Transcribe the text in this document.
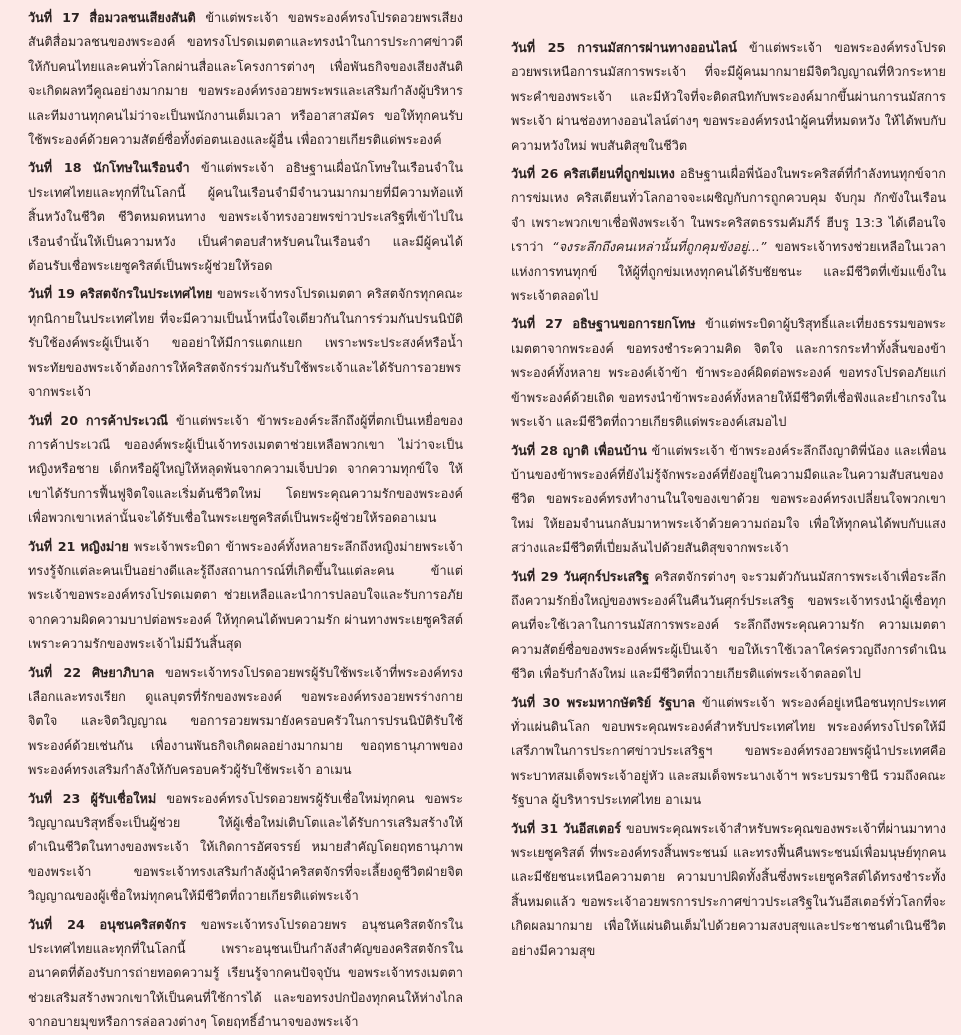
วันที่ 17 สื่อมวลชนเสียงสันติ ข้าแต่พระเจ้า ขอพระองค์ทรงโปรดอวยพรเสียงสันติสื่อมวลชนของพระองค์ ขอทรงโปรดเมตตาและทรงนำในการประกาศข่าวดีให้กับคนไทยและคนทั่วโลกผ่านสื่อและโครงการต่างๆ เพื่อพันธกิจของเสียงสันติจะเกิดผลทวีคูณอย่างมากมาย ขอพระองค์ทรงอวยพระพรและเสริมกำลังผู้บริหารและทีมงานทุกคนไม่ว่าจะเป็นพนักงานเต็มเวลา หรืออาสาสมัคร ขอให้ทุกคนรับใช้พระองค์ด้วยความสัตย์ซื่อทั้งต่อตนเองและผู้อื่น เพื่อถวายเกียรติแด่พระองค์

วันที่ 18 นักโทษในเรือนจำ ข้าแต่พระเจ้า อธิษฐานเผื่อนักโทษในเรือนจำในประเทศไทยและทุกที่ในโลกนี้ ผู้คนในเรือนจำมีจำนวนมากมายที่มีความท้อแท้ สิ้นหวังในชีวิต ชีวิตหมดหนทาง ขอพระเจ้าทรงอวยพรข่าวประเสริฐที่เข้าไปในเรือนจำนั้นให้เป็นความหวัง เป็นคำตอบสำหรับคนในเรือนจำ และมีผู้คนได้ต้อนรับเชื่อพระเยซูคริสต์เป็นพระผู้ช่วยให้รอด

วันที่ 19 คริสตจักรในประเทศไทย ขอพระเจ้าทรงโปรดเมตตา คริสตจักรทุกคณะทุกนิกายในประเทศไทย ที่จะมีความเป็นน้ำหนึ่งใจเดียวกันในการร่วมกันปรนนิบัติรับใช้องค์พระผู้เป็นเจ้า ขออย่าให้มีการแตกแยก เพราะพระประสงค์หรือน้ำพระทัยของพระเจ้าต้องการให้คริสตจักรร่วมกันรับใช้พระเจ้าและได้รับการอวยพรจากพระเจ้า

วันที่ 20 การค้าประเวณี ข้าแต่พระเจ้า ข้าพระองค์ระลึกถึงผู้ที่ตกเป็นเหยื่อของการค้าประเวณี ขอองค์พระผู้เป็นเจ้าทรงเมตตาช่วยเหลือพวกเขา ไม่ว่าจะเป็นหญิงหรือชาย เด็กหรือผู้ใหญ่ให้หลุดพ้นจากความเจ็บปวด จากความทุกข์ใจ ให้เขาได้รับการฟื้นฟูจิตใจและเริ่มต้นชีวิตใหม่ โดยพระคุณความรักของพระองค์ เพื่อพวกเขาเหล่านั้นจะได้รับเชื่อในพระเยซูคริสต์เป็นพระผู้ช่วยให้รอดอาเมน

วันที่ 21 หญิงม่าย พระเจ้าพระบิดา ข้าพระองค์ทั้งหลายระลึกถึงหญิงม่ายพระเจ้าทรงรู้จักแต่ละคนเป็นอย่างดีและรู้ถึงสถานการณ์ที่เกิดขึ้นในแต่ละคน ข้าแต่พระเจ้าขอพระองค์ทรงโปรดเมตตา ช่วยเหลือและนำการปลอบใจและรับการอภัยจากความผิดความบาปต่อพระองค์ ให้ทุกคนได้พบความรัก ผ่านทางพระเยซูคริสต์ เพราะความรักของพระเจ้าไม่มีวันสิ้นสุด

วันที่ 22 ศิษยาภิบาล ขอพระเจ้าทรงโปรดอวยพรผู้รับใช้พระเจ้าที่พระองค์ทรงเลือกและทรงเรียก ดูแลบุตรที่รักของพระองค์ ขอพระองค์ทรงอวยพรร่างกาย จิตใจ และจิตวิญญาณ ขอการอวยพรมายังครอบครัวในการปรนนิบัติรับใช้พระองค์ด้วยเช่นกัน เพื่องานพันธกิจเกิดผลอย่างมากมาย ขอฤทธานุภาพของพระองค์ทรงเสริมกำลังให้กับครอบครัวผู้รับใช้พระเจ้า อาเมน

วันที่ 23 ผู้รับเชื่อใหม่ ขอพระองค์ทรงโปรดอวยพรผู้รับเชื่อใหม่ทุกคน ขอพระวิญญาณบริสุทธิ์จะเป็นผู้ช่วย ให้ผู้เชื่อใหม่เติบโตและได้รับการเสริมสร้างให้ดำเนินชีวิตในทางของพระเจ้า ให้เกิดการอัศจรรย์ หมายสำคัญโดยฤทธานุภาพของพระเจ้า ขอพระเจ้าทรงเสริมกำลังผู้นำคริสตจักรที่จะเลี้ยงดูชีวิตฝ่ายจิตวิญญาณของผู้เชื่อใหม่ทุกคนให้มีชีวิตที่ถวายเกียรติแด่พระเจ้า

วันที่ 24 อนุชนคริสตจักร ขอพระเจ้าทรงโปรดอวยพร อนุชนคริสตจักรในประเทศไทยและทุกที่ในโลกนี้ เพราะอนุชนเป็นกำลังสำคัญของคริสตจักรในอนาคตที่ต้องรับการถ่ายทอดความรู้ เรียนรู้จากคนปัจจุบัน ขอพระเจ้าทรงเมตตาช่วยเสริมสร้างพวกเขาให้เป็นคนที่ใช้การได้ และขอทรงปกป้องทุกคนให้ห่างไกลจากอบายมุขหรือการล่อลวงต่างๆ โดยฤทธิ์อำนาจของพระเจ้า

วันที่ 25 การนมัสการผ่านทางออนไลน์ ข้าแต่พระเจ้า ขอพระองค์ทรงโปรดอวยพรเหนือการนมัสการพระเจ้า ที่จะมีผู้คนมากมายมีจิตวิญญาณที่หิวกระหายพระคำของพระเจ้า และมีหัวใจที่จะติดสนิทกับพระองค์มากขึ้นผ่านการนมัสการพระเจ้า ผ่านช่องทางออนไลน์ต่างๆ ขอพระองค์ทรงนำผู้คนที่หมดหวัง ให้ได้พบกับความหวังใหม่ พบสันติสุขในชีวิต

วันที่ 26 คริสเตียนที่ถูกข่มเหง อธิษฐานเผื่อพี่น้องในพระคริสต์ที่กำลังทนทุกข์จากการข่มเหง คริสเตียนทั่วโลกอาจจะเผชิญกับการถูกควบคุม จับกุม กักขังในเรือนจำ เพราะพวกเขาเชื่อฟังพระเจ้า ในพระคริสตธรรมคัมภีร์ ฮีบรู 13:3 ได้เตือนใจเราว่า “จงระลึกถึงคนเหล่านั้นที่ถูกคุมขังอยู่...” ขอพระเจ้าทรงช่วยเหลือในเวลาแห่งการทนทุกข์ ให้ผู้ที่ถูกข่มเหงทุกคนได้รับชัยชนะ และมีชีวิตที่เข้มแข็งในพระเจ้าตลอดไป

วันที่ 27 อธิษฐานขอการยกโทษ ข้าแต่พระบิดาผู้บริสุทธิ์และเที่ยงธรรมขอพระเมตตาจากพระองค์ ขอทรงชำระความคิด จิตใจ และการกระทำทั้งสิ้นของข้าพระองค์ทั้งหลาย พระองค์เจ้าข้า ข้าพระองค์ผิดต่อพระองค์ ขอทรงโปรดอภัยแก่ข้าพระองค์ด้วยเถิด ขอทรงนำข้าพระองค์ทั้งหลายให้มีชีวิตที่เชื่อฟังและยำเกรงในพระเจ้า และมีชีวิตที่ถวายเกียรติแด่พระองค์เสมอไป

วันที่ 28 ญาติ เพื่อนบ้าน ข้าแต่พระเจ้า ข้าพระองค์ระลึกถึงญาติพี่น้อง และเพื่อนบ้านของข้าพระองค์ที่ยังไม่รู้จักพระองค์ที่ยังอยู่ในความมืดและในความสับสนของชีวิต ขอพระองค์ทรงทำงานในใจของเขาด้วย ขอพระองค์ทรงเปลี่ยนใจพวกเขาใหม่ ให้ยอมจำนนกลับมาหาพระเจ้าด้วยความถ่อมใจ เพื่อให้ทุกคนได้พบกับแสงสว่างและมีชีวิตที่เปี่ยมล้นไปด้วยสันติสุขจากพระเจ้า

วันที่ 29 วันศุกร์ประเสริฐ คริสตจักรต่างๆ จะรวมตัวกันนมัสการพระเจ้าเพื่อระลึกถึงความรักยิ่งใหญ่ของพระองค์ในคืนวันศุกร์ประเสริฐ ขอพระเจ้าทรงนำผู้เชื่อทุกคนที่จะใช้เวลาในการนมัสการพระองค์ ระลึกถึงพระคุณความรัก ความเมตตา ความสัตย์ซื่อของพระองค์พระผู้เป็นเจ้า ขอให้เราใช้เวลาใคร่ครวญถึงการดำเนินชีวิต เพื่อรับกำลังใหม่ และมีชีวิตที่ถวายเกียรติแด่พระเจ้าตลอดไป

วันที่ 30 พระมหากษัตริย์ รัฐบาล ข้าแต่พระเจ้า พระองค์อยู่เหนือชนทุกประเทศทั่วแผ่นดินโลก ขอบพระคุณพระองค์สำหรับประเทศไทย พระองค์ทรงโปรดให้มีเสรีภาพในการประกาศข่าวประเสริฐฯ ขอพระองค์ทรงอวยพรผู้นำประเทศคือ พระบาทสมเด็จพระเจ้าอยู่หัว และสมเด็จพระนางเจ้าฯ พระบรมราชินี รวมถึงคณะรัฐบาล ผู้บริหารประเทศไทย อาเมน

วันที่ 31 วันอีสเตอร์ ขอบพระคุณพระเจ้าสำหรับพระคุณของพระเจ้าที่ผ่านมาทางพระเยซูคริสต์ ที่พระองค์ทรงสิ้นพระชนม์ และทรงฟื้นคืนพระชนม์เพื่อมนุษย์ทุกคน และมีชัยชนะเหนือความตาย ความบาปผิดทั้งสิ้นซึ่งพระเยซูคริสต์ได้ทรงชำระทั้งสิ้นหมดแล้ว ขอพระเจ้าอวยพรการประกาศข่าวประเสริฐในวันอีสเตอร์ทั่วโลกที่จะเกิดผลมากมาย เพื่อให้แผ่นดินเต็มไปด้วยความสงบสุขและประชาชนดำเนินชีวิตอย่างมีความสุข
